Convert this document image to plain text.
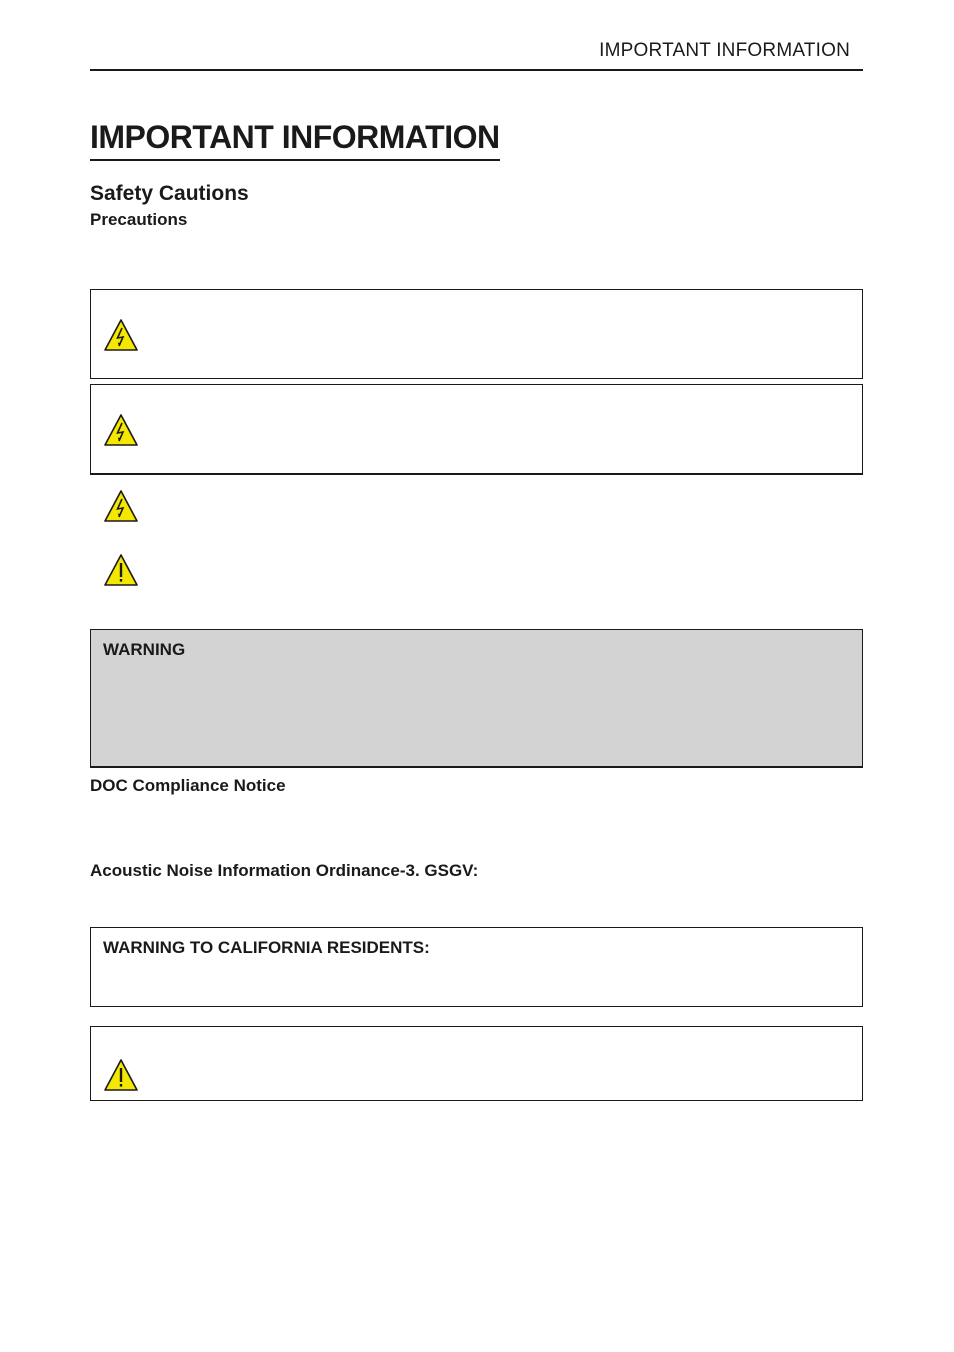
IMPORTANT INFORMATION
IMPORTANT INFORMATION
Safety Cautions
Precautions
WARNING
DOC Compliance Notice
Acoustic Noise Information Ordinance-3. GSGV:
WARNING TO CALIFORNIA RESIDENTS:
